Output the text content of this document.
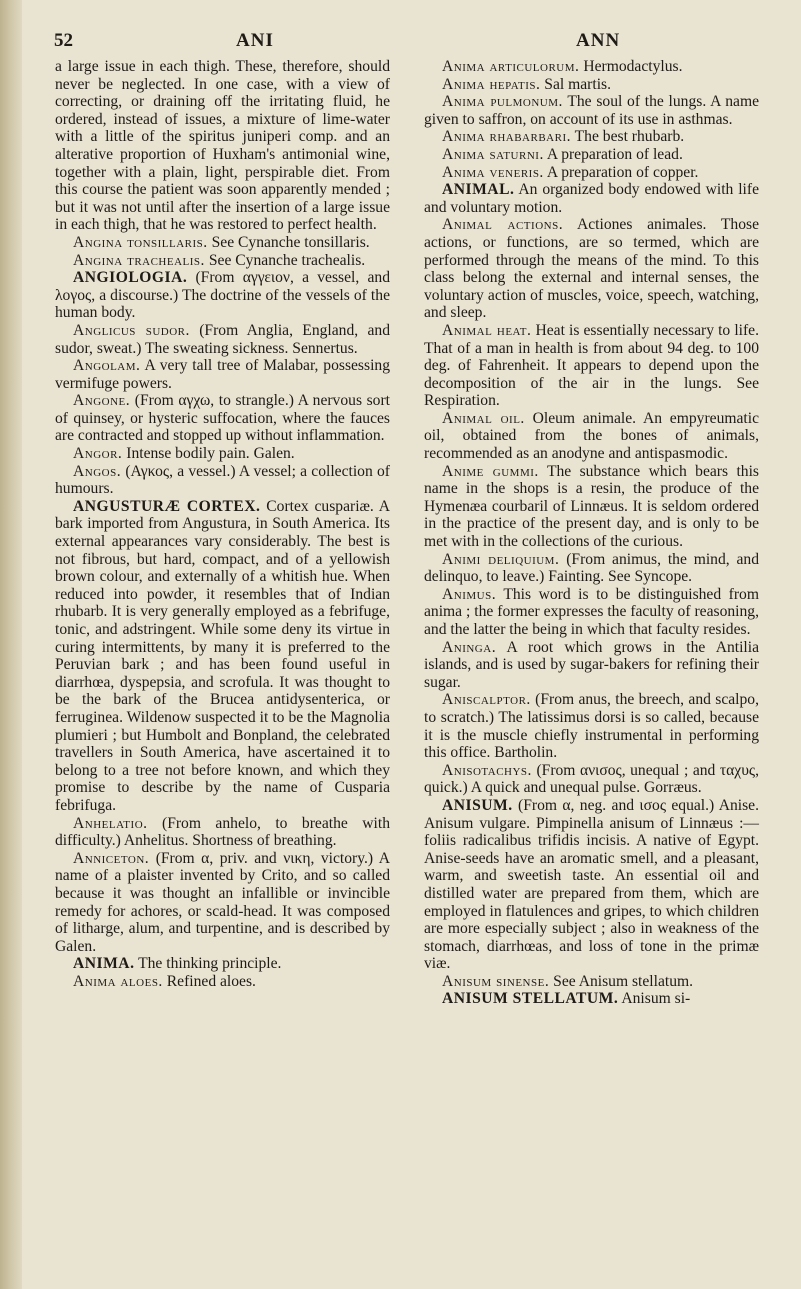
52	ANI	ANN

a large issue in each thigh. These, therefore, should never be neglected. In one case, with a view of correcting, or draining off the irritating fluid, he ordered, instead of issues, a mixture of lime-water with a little of the spiritus juniperi comp. and an alterative proportion of Huxham's antimonial wine, together with a plain, light, perspirable diet. From this course the patient was soon apparently mended ; but it was not until after the insertion of a large issue in each thigh, that he was restored to perfect health.

Angina tonsillaris. See Cynanche tonsillaris.

Angina trachealis. See Cynanche trachealis.

ANGIOLOGIA. (From αγγειον, a vessel, and λογος, a discourse.) The doctrine of the vessels of the human body.

Anglicus sudor. (From Anglia, England, and sudor, sweat.) The sweating sickness. Sennertus.

Angolam. A very tall tree of Malabar, possessing vermifuge powers.

Angone. (From αγχω, to strangle.) A nervous sort of quinsey, or hysteric suffocation, where the fauces are contracted and stopped up without inflammation.

Angor. Intense bodily pain. Galen.

Angos. (Αγκος, a vessel.) A vessel; a collection of humours.

ANGUSTURÆ CORTEX. Cortex cuspariæ. A bark imported from Angustura, in South America. Its external appearances vary considerably. The best is not fibrous, but hard, compact, and of a yellowish brown colour, and externally of a whitish hue. When reduced into powder, it resembles that of Indian rhubarb. It is very generally employed as a febrifuge, tonic, and adstringent. While some deny its virtue in curing intermittents, by many it is preferred to the Peruvian bark ; and has been found useful in diarrhœa, dyspepsia, and scrofula. It was thought to be the bark of the Brucea antidysenterica, or ferruginea. Wildenow suspected it to be the Magnolia plumieri ; but Humbolt and Bonpland, the celebrated travellers in South America, have ascertained it to belong to a tree not before known, and which they promise to describe by the name of Cusparia febrifuga.

Anhelatio. (From anhelo, to breathe with difficulty.) Anhelitus. Shortness of breathing.

Anniceton. (From α, priv. and νικη, victory.) A name of a plaister invented by Crito, and so called because it was thought an infallible or invincible remedy for achores, or scald-head. It was composed of litharge, alum, and turpentine, and is described by Galen.

ANIMA. The thinking principle.

Anima aloes. Refined aloes.

Anima articulorum. Hermodactylus.

Anima hepatis. Sal martis.

Anima pulmonum. The soul of the lungs. A name given to saffron, on account of its use in asthmas.

Anima rhabarbari. The best rhubarb.

Anima saturni. A preparation of lead.

Anima veneris. A preparation of copper.

ANIMAL. An organized body endowed with life and voluntary motion.

Animal actions. Actiones animales. Those actions, or functions, are so termed, which are performed through the means of the mind. To this class belong the external and internal senses, the voluntary action of muscles, voice, speech, watching, and sleep.

Animal heat. Heat is essentially necessary to life. That of a man in health is from about 94 deg. to 100 deg. of Fahrenheit. It appears to depend upon the decomposition of the air in the lungs. See Respiration.

Animal oil. Oleum animale. An empyreumatic oil, obtained from the bones of animals, recommended as an anodyne and antispasmodic.

Anime gummi. The substance which bears this name in the shops is a resin, the produce of the Hymenæa courbaril of Linnæus. It is seldom ordered in the practice of the present day, and is only to be met with in the collections of the curious.

Animi deliquium. (From animus, the mind, and delinquo, to leave.) Fainting. See Syncope.

Animus. This word is to be distinguished from anima ; the former expresses the faculty of reasoning, and the latter the being in which that faculty resides.

Aninga. A root which grows in the Antilia islands, and is used by sugar-bakers for refining their sugar.

Aniscalptor. (From anus, the breech, and scalpo, to scratch.) The latissimus dorsi is so called, because it is the muscle chiefly instrumental in performing this office. Bartholin.

Anisotachys. (From ανισος, unequal ; and ταχυς, quick.) A quick and unequal pulse. Gorræus.

ANISUM. (From α, neg. and ισος equal.) Anise. Anisum vulgare. Pimpinella anisum of Linnæus :—foliis radicalibus trifidis incisis. A native of Egypt. Anise-seeds have an aromatic smell, and a pleasant, warm, and sweetish taste. An essential oil and distilled water are prepared from them, which are employed in flatulences and gripes, to which children are more especially subject ; also in weakness of the stomach, diarrhœas, and loss of tone in the primæ viæ.

Anisum sinense. See Anisum stellatum.

ANISUM STELLATUM. Anisum si-
